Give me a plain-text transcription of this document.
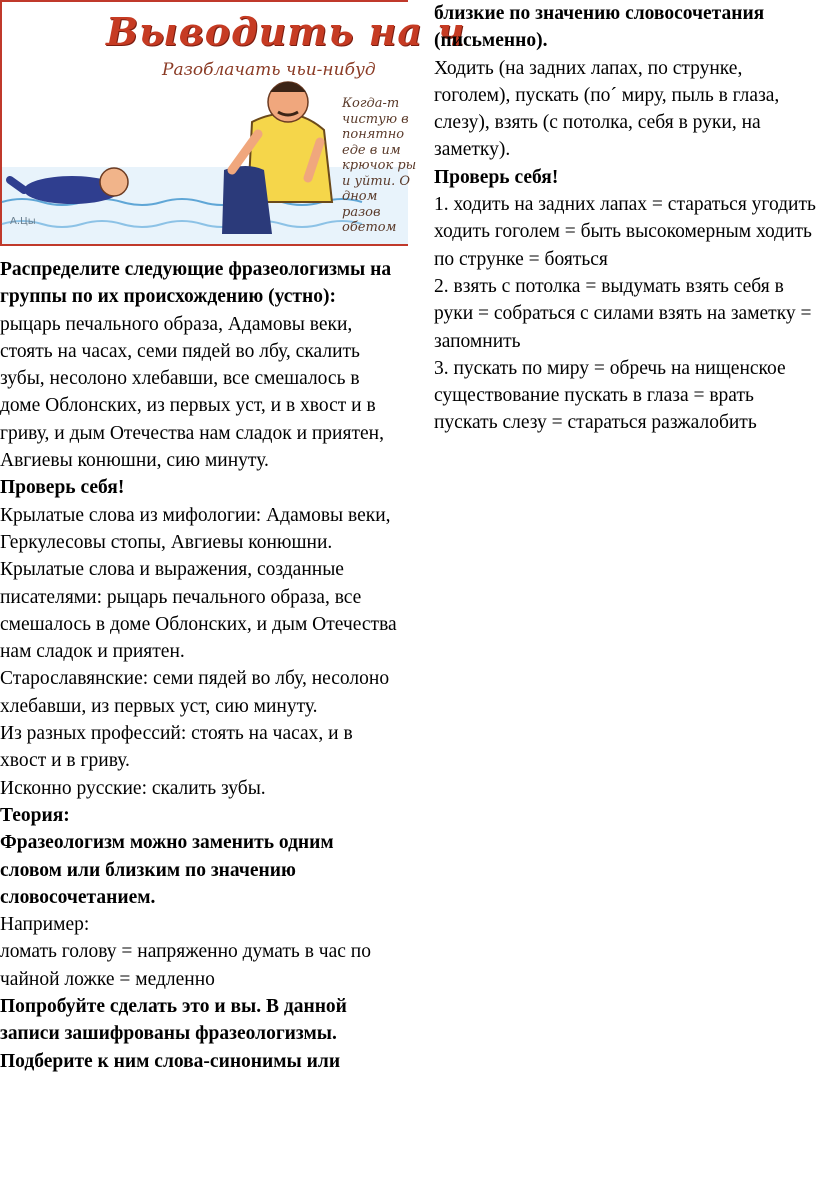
Выводить на ч
Разоблачать чьи-нибуд
Когда-т
чистую в
понятно
еде в им
крючок ры
и уйти. О
дном
разов
обетом
А.Цы

Распределите следующие фразеологизмы на группы по их происхождению (устно):

рыцарь печального образа, Адамовы веки, стоять на часах, семи пядей во лбу, скалить зубы, несолоно хлебавши, все смешалось в доме Облонских, из первых уст, и в хвост и в гриву, и дым Отечества нам сладок и приятен, Авгиевы конюшни, сию минуту.

Проверь себя!

Крылатые слова из мифологии: Адамовы веки, Геркулесовы стопы, Авгиевы конюшни.

Крылатые слова и выражения, созданные писателями: рыцарь печального образа, все смешалось в доме Облонских, и дым Отечества нам сладок и приятен.

Старославянские: семи пядей во лбу, несолоно хлебавши, из первых уст, сию минуту.

Из разных профессий: стоять на часах, и в хвост и в гриву.

Исконно русские: скалить зубы.

Теория:

Фразеологизм можно заменить одним словом или близким по значению словосочетанием.

Например:

ломать голову = напряженно думать в час по чайной ложке = медленно

Попробуйте сделать это и вы. В данной записи зашифрованы фразеологизмы. Подберите к ним слова-синонимы или

близкие по значению словосочетания (письменно).

Ходить (на задних лапах, по струнке, гоголем), пускать (по´ миру, пыль в глаза, слезу), взять (с потолка, себя в руки, на заметку).

Проверь себя!

1. ходить на задних лапах = стараться угодить ходить гоголем = быть высокомерным ходить по струнке = бояться

2. взять с потолка = выдумать взять себя в руки = собраться с силами взять на заметку = запомнить

3. пускать по миру = обречь на нищенское существование пускать в глаза = врать пускать слезу = стараться разжалобить
